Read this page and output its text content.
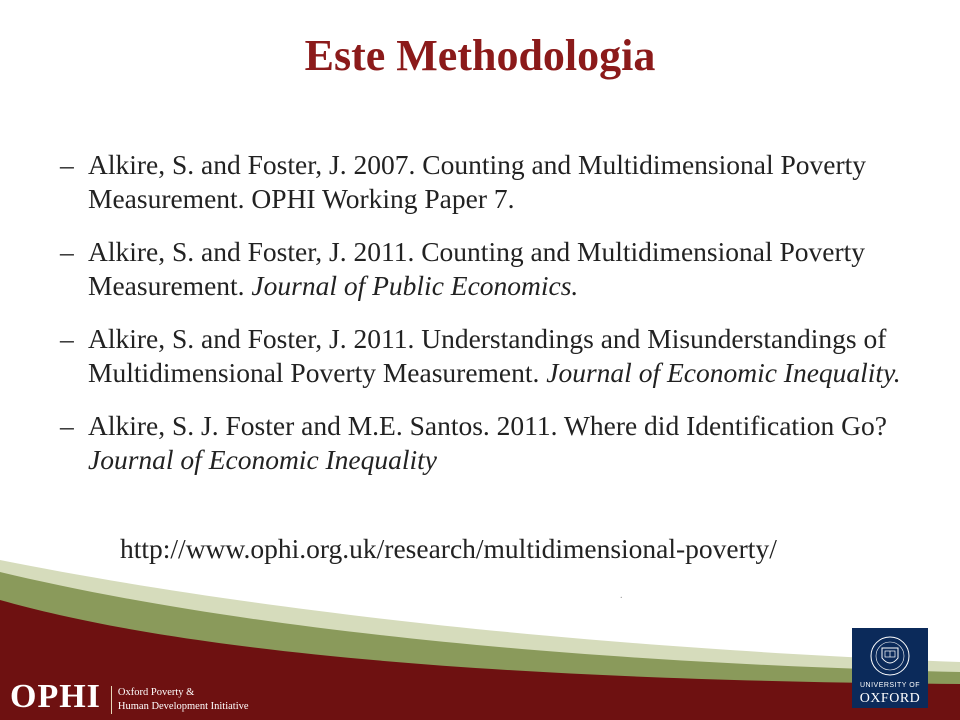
Este Methodologia
– Alkire, S. and Foster, J. 2007. Counting and Multidimensional Poverty Measurement. OPHI Working Paper 7.
– Alkire, S. and Foster, J. 2011. Counting and Multidimensional Poverty Measurement. Journal of Public Economics.
– Alkire, S. and Foster, J. 2011. Understandings and Misunderstandings of Multidimensional Poverty Measurement. Journal of Economic Inequality.
– Alkire, S. J. Foster and M.E. Santos. 2011. Where did Identification Go? Journal of Economic Inequality
http://www.ophi.org.uk/research/multidimensional-poverty/
.
OPHI Oxford Poverty &
Human Development Initiative
UNIVERSITY OF
OXFORD
